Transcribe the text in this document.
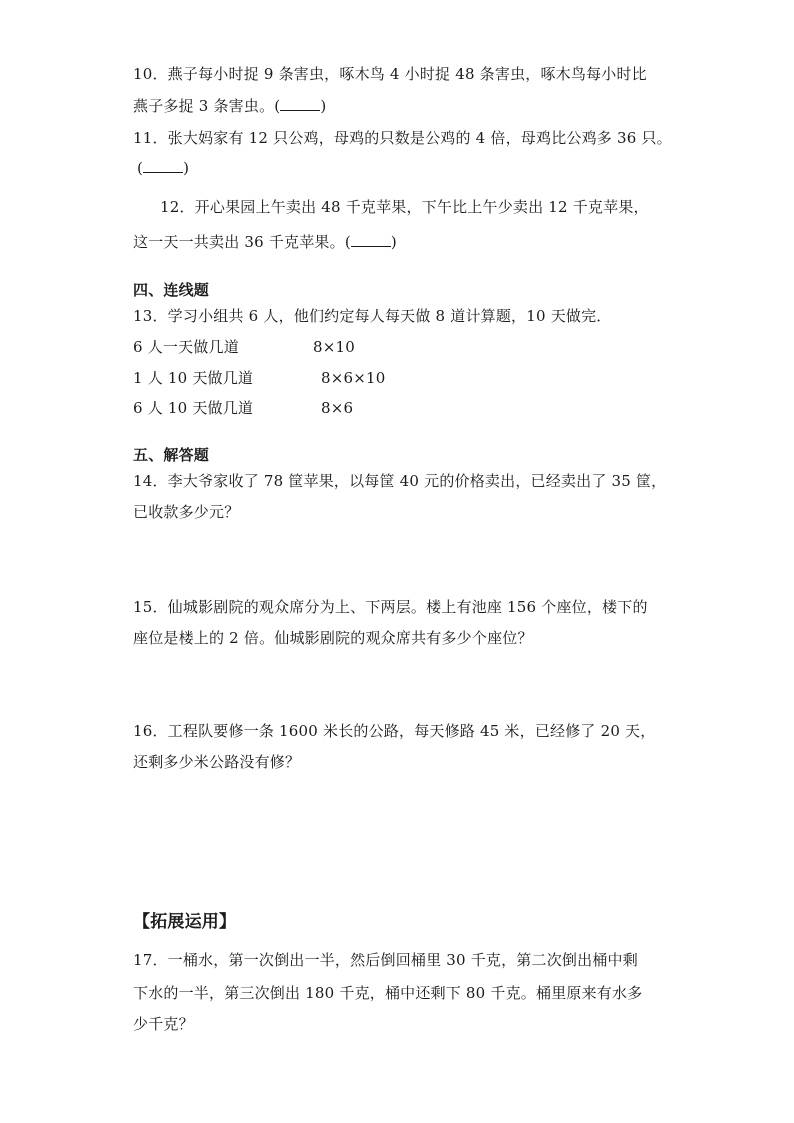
10．燕子每小时捉 9 条害虫，啄木鸟 4 小时捉 48 条害虫，啄木鸟每小时比
燕子多捉 3 条害虫。(	)
11．张大妈家有 12 只公鸡，母鸡的只数是公鸡的 4 倍，母鸡比公鸡多 36 只。
(	)
12．开心果园上午卖出 48 千克苹果，下午比上午少卖出 12 千克苹果，
这一天一共卖出 36 千克苹果。(	)
四、连线题
13．学习小组共 6 人，他们约定每人每天做 8 道计算题，10 天做完．
6 人一天做几道	8×10
1 人 10 天做几道	8×6×10
6 人 10 天做几道	8×6
五、解答题
14．李大爷家收了 78 筐苹果，以每筐 40 元的价格卖出，已经卖出了 35 筐，
已收款多少元？
15．仙城影剧院的观众席分为上、下两层。楼上有池座 156 个座位，楼下的
座位是楼上的 2 倍。仙城影剧院的观众席共有多少个座位？
16．工程队要修一条 1600 米长的公路，每天修路 45 米，已经修了 20 天，
还剩多少米公路没有修？
【拓展运用】
17．一桶水，第一次倒出一半，然后倒回桶里 30 千克，第二次倒出桶中剩
下水的一半，第三次倒出 180 千克，桶中还剩下 80 千克。桶里原来有水多
少千克？
